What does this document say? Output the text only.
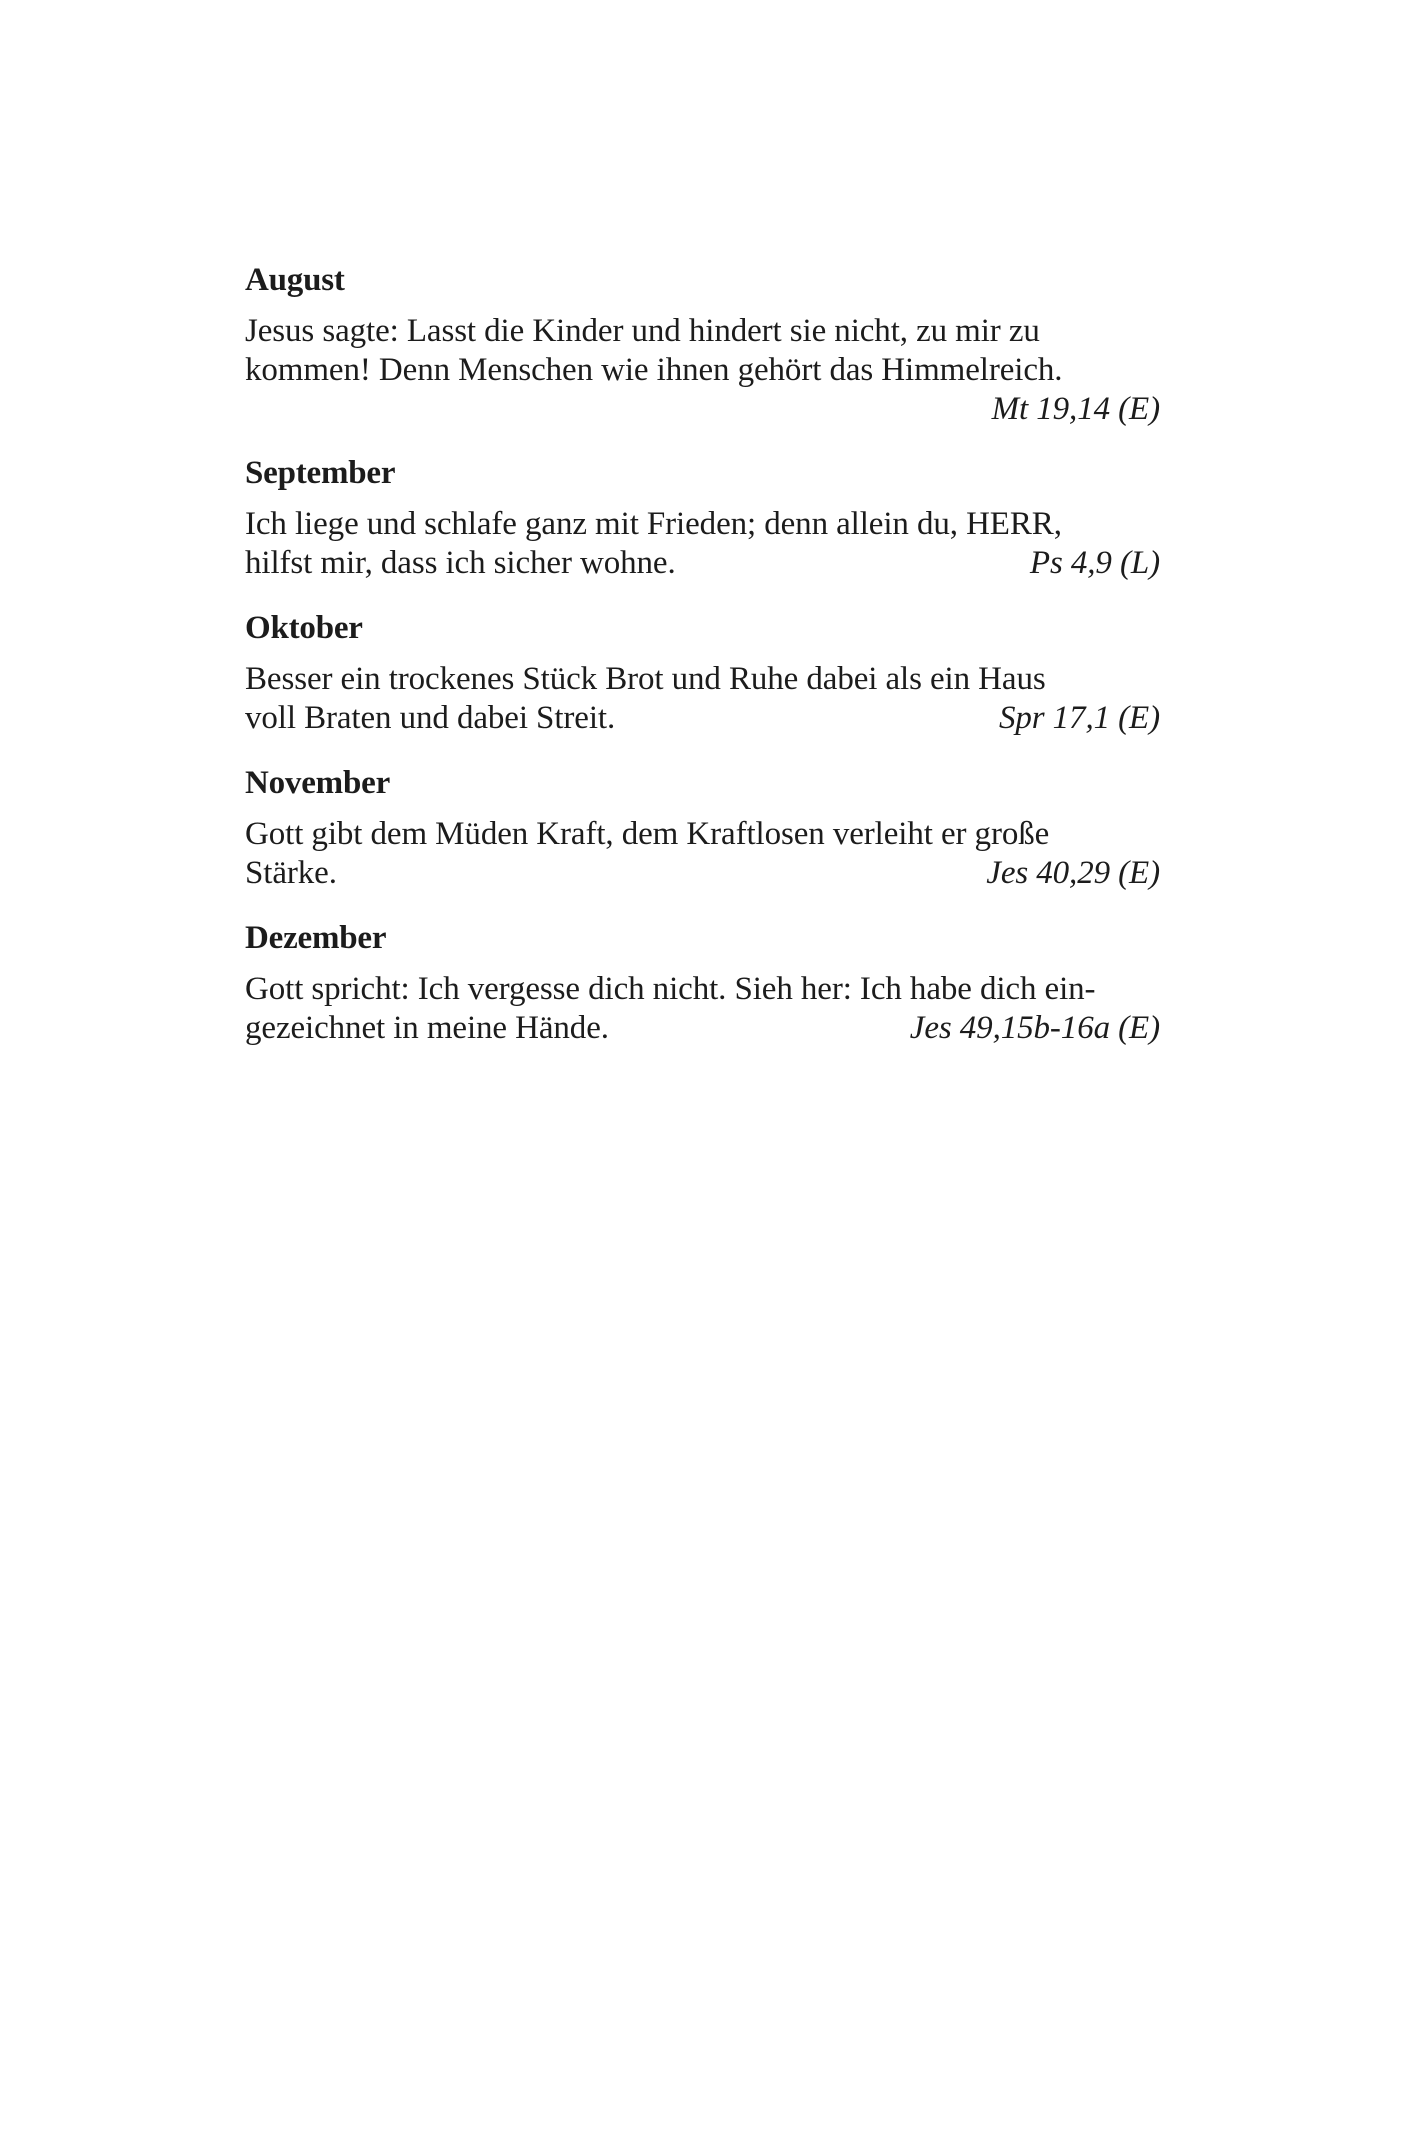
August

Jesus sagte: Lasst die Kinder und hindert sie nicht, zu mir zu
kommen! Denn Menschen wie ihnen gehört das Himmelreich.
Mt 19,14 (E)

September

Ich liege und schlafe ganz mit Frieden; denn allein du, HERR,
hilfst mir, dass ich sicher wohne.	Ps 4,9 (L)

Oktober

Besser ein trockenes Stück Brot und Ruhe dabei als ein Haus
voll Braten und dabei Streit.	Spr 17,1 (E)

November

Gott gibt dem Müden Kraft, dem Kraftlosen verleiht er große
Stärke.	Jes 40,29 (E)

Dezember

Gott spricht: Ich vergesse dich nicht. Sieh her: Ich habe dich ein-
gezeichnet in meine Hände.	Jes 49,15b-16a (E)
